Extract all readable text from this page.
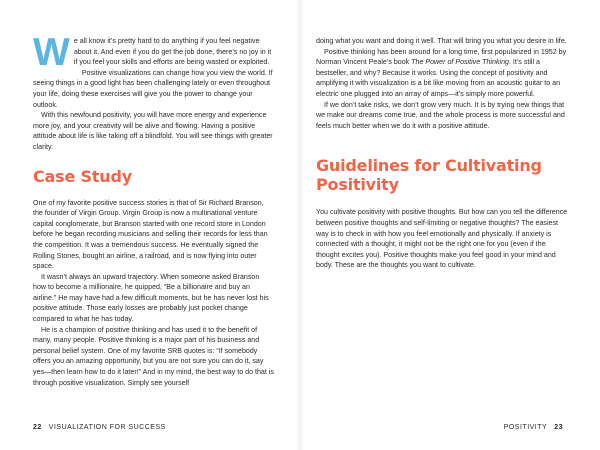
We all know it’s pretty hard to do anything if you feel negative about it. And even if you do get the job done, there’s no joy in it if you feel your skills and efforts are being wasted or exploited.

Positive visualizations can change how you view the world. If seeing things in a good light has been challenging lately or even throughout your life, doing these exercises will give you the power to change your outlook.

With this newfound positivity, you will have more energy and experience more joy, and your creativity will be alive and flowing. Having a positive attitude about life is like taking off a blindfold. You will see things with greater clarity.

Case Study

One of my favorite positive success stories is that of Sir Richard Branson, the founder of Virgin Group. Virgin Group is now a multinational venture capital conglomerate, but Branson started with one record store in London before he began recording musicians and selling their records for less than the competition. It was a tremendous success. He eventually signed the Rolling Stones, bought an airline, a railroad, and is now flying into outer space.

It wasn’t always an upward trajectory. When someone asked Branson how to become a millionaire, he quipped, “Be a billionaire and buy an airline.” He may have had a few difficult moments, but he has never lost his positive attitude. Those early losses are probably just pocket change compared to what he has today.

He is a champion of positive thinking and has used it to the benefit of many, many people. Positive thinking is a major part of his business and personal belief system. One of my favorite SRB quotes is: “If somebody offers you an amazing opportunity, but you are not sure you can do it, say yes—then learn how to do it later!” And in my mind, the best way to do that is through positive visualization. Simply see yourself

22 VISUALIZATION FOR SUCCESS

doing what you want and doing it well. That will bring you what you desire in life.

Positive thinking has been around for a long time, first popularized in 1952 by Norman Vincent Peale’s book The Power of Positive Thinking. It’s still a bestseller, and why? Because it works. Using the concept of positivity and amplifying it with visualization is a bit like moving from an acoustic guitar to an electric one plugged into an array of amps—it’s simply more powerful.

If we don’t take risks, we don’t grow very much. It is by trying new things that we make our dreams come true, and the whole process is more successful and feels much better when we do it with a positive attitude.

Guidelines for Cultivating
Positivity

You cultivate positivity with positive thoughts. But how can you tell the difference between positive thoughts and self-limiting or negative thoughts? The easiest way is to check in with how you feel emotionally and physically. If anxiety is connected with a thought, it might not be the right one for you (even if the thought excites you). Positive thoughts make you feel good in your mind and body. These are the thoughts you want to cultivate.

POSITIVITY 23
